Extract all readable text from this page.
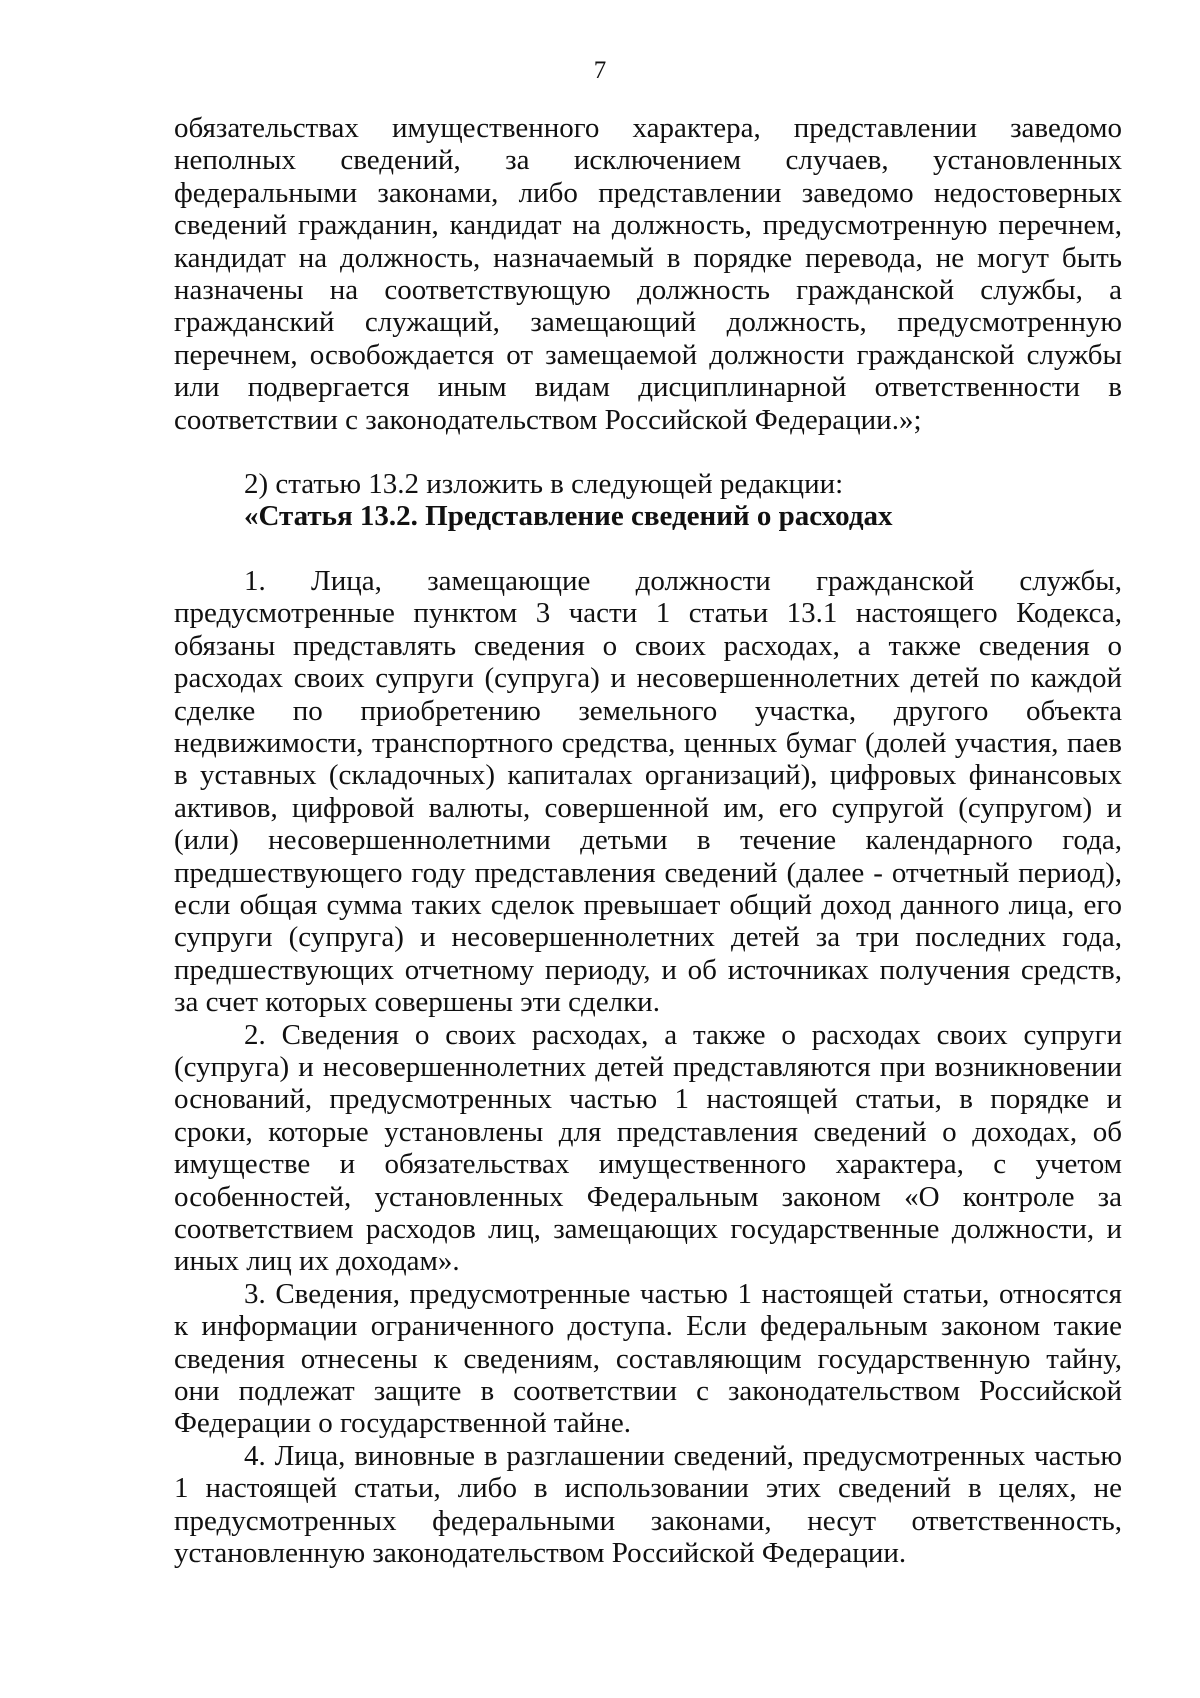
7

обязательствах имущественного характера, представлении заведомо неполных сведений, за исключением случаев, установленных федеральными законами, либо представлении заведомо недостоверных сведений гражданин, кандидат на должность, предусмотренную перечнем, кандидат на должность, назначаемый в порядке перевода, не могут быть назначены на соответствующую должность гражданской службы, а гражданский служащий, замещающий должность, предусмотренную перечнем, освобождается от замещаемой должности гражданской службы или подвергается иным видам дисциплинарной ответственности в соответствии с законодательством Российской Федерации.»;

2) статью 13.2 изложить в следующей редакции:

«Статья 13.2. Представление сведений о расходах

1. Лица, замещающие должности гражданской службы, предусмотренные пунктом 3 части 1 статьи 13.1 настоящего Кодекса, обязаны представлять сведения о своих расходах, а также сведения о расходах своих супруги (супруга) и несовершеннолетних детей по каждой сделке по приобретению земельного участка, другого объекта недвижимости, транспортного средства, ценных бумаг (долей участия, паев в уставных (складочных) капиталах организаций), цифровых финансовых активов, цифровой валюты, совершенной им, его супругой (супругом) и (или) несовершеннолетними детьми в течение календарного года, предшествующего году представления сведений (далее - отчетный период), если общая сумма таких сделок превышает общий доход данного лица, его супруги (супруга) и несовершеннолетних детей за три последних года, предшествующих отчетному периоду, и об источниках получения средств, за счет которых совершены эти сделки.

2. Сведения о своих расходах, а также о расходах своих супруги (супруга) и несовершеннолетних детей представляются при возникновении оснований, предусмотренных частью 1 настоящей статьи, в порядке и сроки, которые установлены для представления сведений о доходах, об имуществе и обязательствах имущественного характера, с учетом особенностей, установленных Федеральным законом «О контроле за соответствием расходов лиц, замещающих государственные должности, и иных лиц их доходам».

3. Сведения, предусмотренные частью 1 настоящей статьи, относятся к информации ограниченного доступа. Если федеральным законом такие сведения отнесены к сведениям, составляющим государственную тайну, они подлежат защите в соответствии с законодательством Российской Федерации о государственной тайне.

4. Лица, виновные в разглашении сведений, предусмотренных частью 1 настоящей статьи, либо в использовании этих сведений в целях, не предусмотренных федеральными законами, несут ответственность, установленную законодательством Российской Федерации.
